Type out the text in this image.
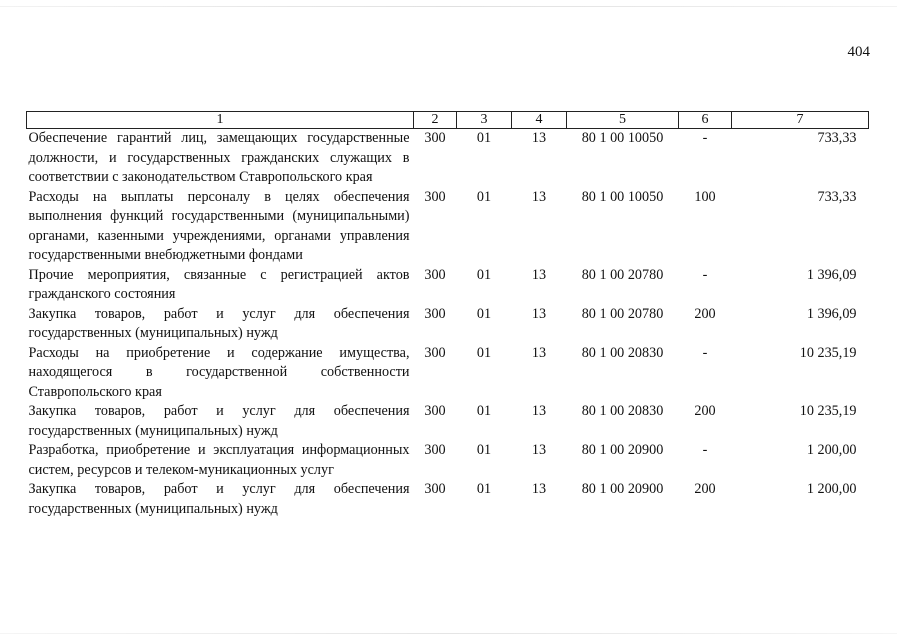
404
1	2	3	4	5	6	7
Обеспечение гарантий лиц, замещающих государственные должности, и государственных гражданских служащих в соответствии с законодательством Ставропольского края	300	01	13	80 1 00 10050	-	733,33
Расходы на выплаты персоналу в целях обеспечения выполнения функций государственными (муниципальными) органами, казенными учреждениями, органами управления государственными внебюджетными фондами	300	01	13	80 1 00 10050	100	733,33
Прочие мероприятия, связанные с регистрацией актов гражданского состояния	300	01	13	80 1 00 20780	-	1 396,09
Закупка товаров, работ и услуг для обеспечения государственных (муниципальных) нужд	300	01	13	80 1 00 20780	200	1 396,09
Расходы на приобретение и содержание имущества, находящегося в государственной собственности Ставропольского края	300	01	13	80 1 00 20830	-	10 235,19
Закупка товаров, работ и услуг для обеспечения государственных (муниципальных) нужд	300	01	13	80 1 00 20830	200	10 235,19
Разработка, приобретение и эксплуатация информационных систем, ресурсов и телеком-муникационных услуг	300	01	13	80 1 00 20900	-	1 200,00
Закупка товаров, работ и услуг для обеспечения государственных (муниципальных) нужд	300	01	13	80 1 00 20900	200	1 200,00
